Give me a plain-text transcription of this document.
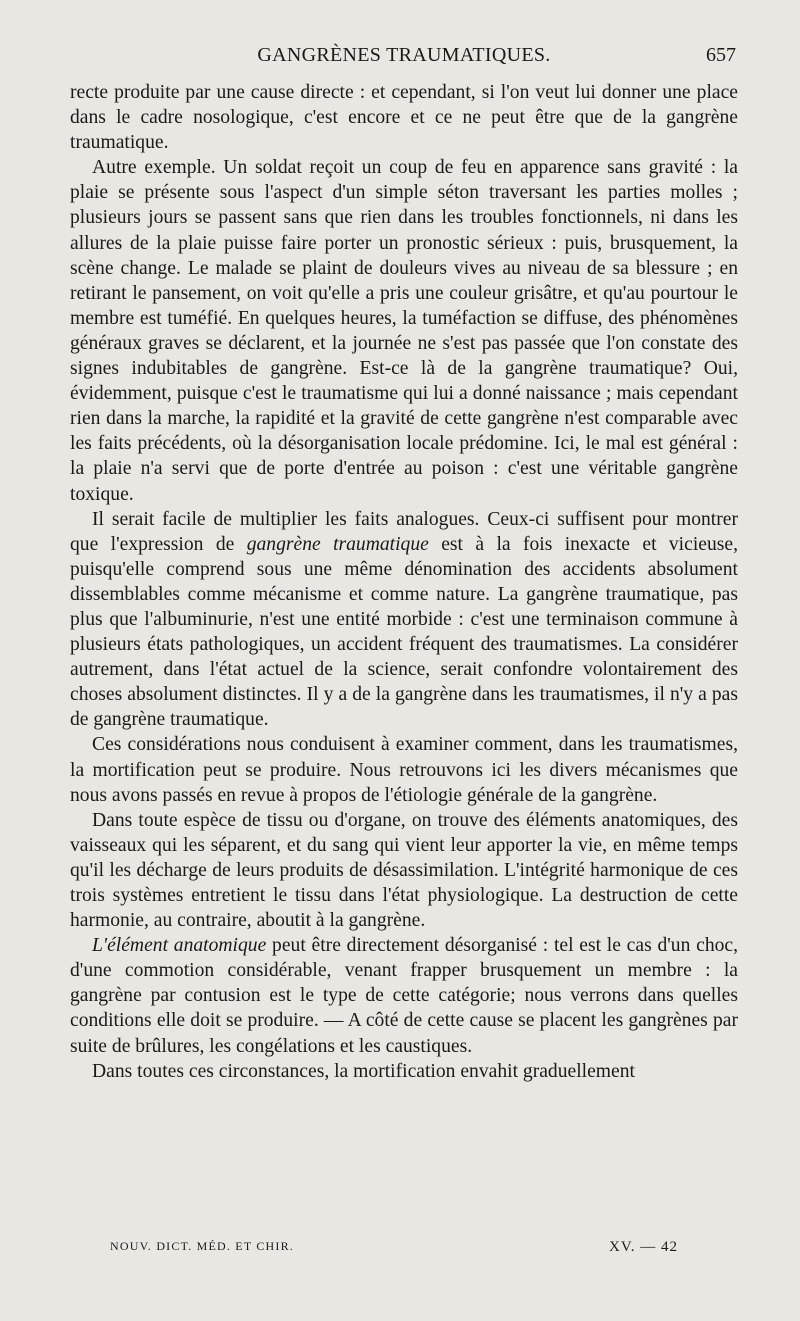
GANGRÈNES TRAUMATIQUES.	657

recte produite par une cause directe : et cependant, si l'on veut lui donner une place dans le cadre nosologique, c'est encore et ce ne peut être que de la gangrène traumatique.

Autre exemple. Un soldat reçoit un coup de feu en apparence sans gravité : la plaie se présente sous l'aspect d'un simple séton traversant les parties molles ; plusieurs jours se passent sans que rien dans les troubles fonctionnels, ni dans les allures de la plaie puisse faire porter un pronostic sérieux : puis, brusquement, la scène change. Le malade se plaint de douleurs vives au niveau de sa blessure ; en retirant le pansement, on voit qu'elle a pris une couleur grisâtre, et qu'au pourtour le membre est tuméfié. En quelques heures, la tuméfaction se diffuse, des phénomènes généraux graves se déclarent, et la journée ne s'est pas passée que l'on constate des signes indubitables de gangrène. Est-ce là de la gangrène traumatique? Oui, évidemment, puisque c'est le traumatisme qui lui a donné naissance ; mais cependant rien dans la marche, la rapidité et la gravité de cette gangrène n'est comparable avec les faits précédents, où la désorganisation locale prédomine. Ici, le mal est général : la plaie n'a servi que de porte d'entrée au poison : c'est une véritable gangrène toxique.

Il serait facile de multiplier les faits analogues. Ceux-ci suffisent pour montrer que l'expression de gangrène traumatique est à la fois inexacte et vicieuse, puisqu'elle comprend sous une même dénomination des accidents absolument dissemblables comme mécanisme et comme nature. La gangrène traumatique, pas plus que l'albuminurie, n'est une entité morbide : c'est une terminaison commune à plusieurs états pathologiques, un accident fréquent des traumatismes. La considérer autrement, dans l'état actuel de la science, serait confondre volontairement des choses absolument distinctes. Il y a de la gangrène dans les traumatismes, il n'y a pas de gangrène traumatique.

Ces considérations nous conduisent à examiner comment, dans les traumatismes, la mortification peut se produire. Nous retrouvons ici les divers mécanismes que nous avons passés en revue à propos de l'étiologie générale de la gangrène.

Dans toute espèce de tissu ou d'organe, on trouve des éléments anatomiques, des vaisseaux qui les séparent, et du sang qui vient leur apporter la vie, en même temps qu'il les décharge de leurs produits de désassimilation. L'intégrité harmonique de ces trois systèmes entretient le tissu dans l'état physiologique. La destruction de cette harmonie, au contraire, aboutit à la gangrène.

L'élément anatomique peut être directement désorganisé : tel est le cas d'un choc, d'une commotion considérable, venant frapper brusquement un membre : la gangrène par contusion est le type de cette catégorie; nous verrons dans quelles conditions elle doit se produire. — A côté de cette cause se placent les gangrènes par suite de brûlures, les congélations et les caustiques.

Dans toutes ces circonstances, la mortification envahit graduellement

NOUV. DICT. MÉD. ET CHIR.	XV. — 42
